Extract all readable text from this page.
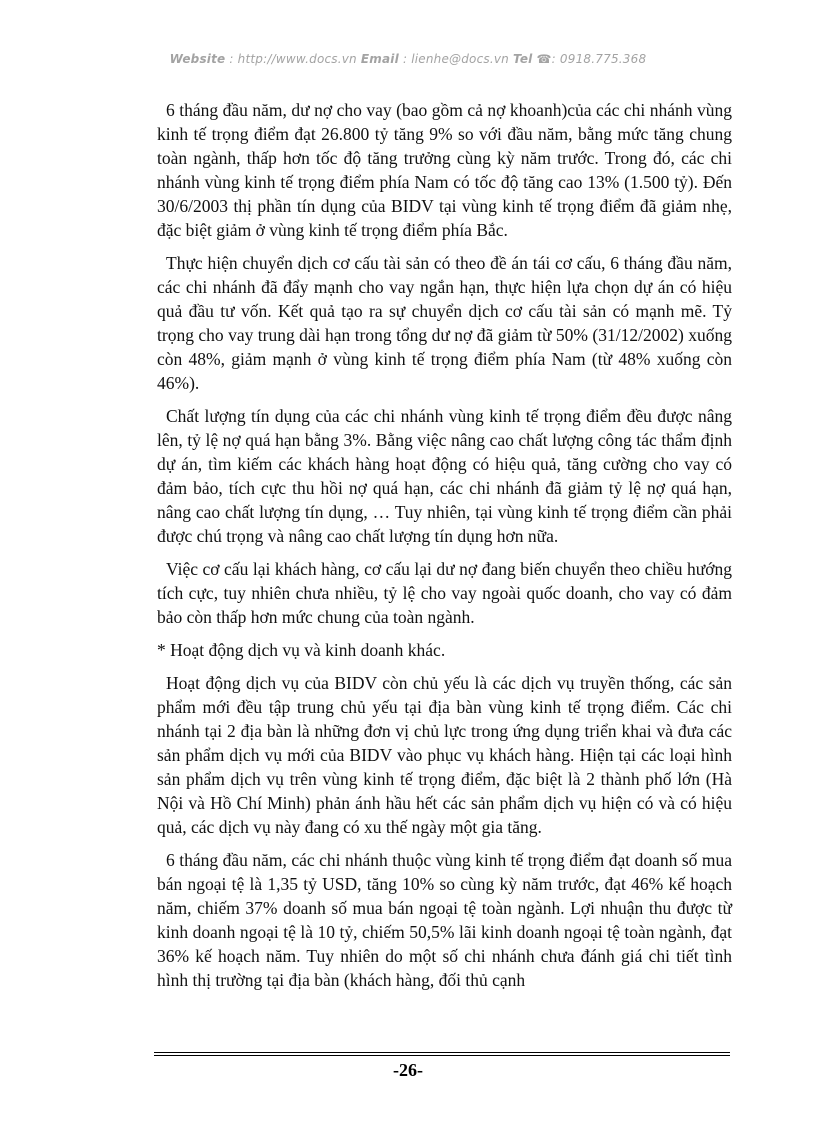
Website : http://www.docs.vn Email : lienhe@docs.vn Tel ☎: 0918.775.368

6 tháng đầu năm, dư nợ cho vay (bao gồm cả nợ khoanh)của các chi nhánh vùng kinh tế trọng điểm đạt 26.800 tỷ tăng 9% so với đầu năm, bằng mức tăng chung toàn ngành, thấp hơn tốc độ tăng trưởng cùng kỳ năm trước. Trong đó, các chi nhánh vùng kinh tế trọng điểm phía Nam có tốc độ tăng cao 13% (1.500 tỷ). Đến 30/6/2003 thị phần tín dụng của BIDV tại vùng kinh tế trọng điểm đã giảm nhẹ, đặc biệt giảm ở vùng kinh tế trọng điểm phía Bắc.

Thực hiện chuyển dịch cơ cấu tài sản có theo đề án tái cơ cấu, 6 tháng đầu năm, các chi nhánh đã đẩy mạnh cho vay ngắn hạn, thực hiện lựa chọn dự án có hiệu quả đầu tư vốn. Kết quả tạo ra sự chuyển dịch cơ cấu tài sản có mạnh mẽ. Tỷ trọng cho vay trung dài hạn trong tổng dư nợ đã giảm từ 50% (31/12/2002) xuống còn 48%, giảm mạnh ở vùng kinh tế trọng điểm phía Nam (từ 48% xuống còn 46%).

Chất lượng tín dụng của các chi nhánh vùng kinh tế trọng điểm đều được nâng lên, tỷ lệ nợ quá hạn bằng 3%. Bằng việc nâng cao chất lượng công tác thẩm định dự án, tìm kiếm các khách hàng hoạt động có hiệu quả, tăng cường cho vay có đảm bảo, tích cực thu hồi nợ quá hạn, các chi nhánh đã giảm tỷ lệ nợ quá hạn, nâng cao chất lượng tín dụng, … Tuy nhiên, tại vùng kinh tế trọng điểm cần phải được chú trọng và nâng cao chất lượng tín dụng hơn nữa.

Việc cơ cấu lại khách hàng, cơ cấu lại dư nợ đang biến chuyển theo chiều hướng tích cực, tuy nhiên chưa nhiều, tỷ lệ cho vay ngoài quốc doanh, cho vay có đảm bảo còn thấp hơn mức chung của toàn ngành.

* Hoạt động dịch vụ và kinh doanh khác.

Hoạt động dịch vụ của BIDV còn chủ yếu là các dịch vụ truyền thống, các sản phẩm mới đều tập trung chủ yếu tại địa bàn vùng kinh tế trọng điểm. Các chi nhánh tại 2 địa bàn là những đơn vị chủ lực trong ứng dụng triển khai và đưa các sản phẩm dịch vụ mới của BIDV vào phục vụ khách hàng. Hiện tại các loại hình sản phẩm dịch vụ trên vùng kinh tế trọng điểm, đặc biệt là 2 thành phố lớn (Hà Nội và Hồ Chí Minh) phản ánh hầu hết các sản phẩm dịch vụ hiện có và có hiệu quả, các dịch vụ này đang có xu thế ngày một gia tăng.

6 tháng đầu năm, các chi nhánh thuộc vùng kinh tế trọng điểm đạt doanh số mua bán ngoại tệ là 1,35 tỷ USD, tăng 10% so cùng kỳ năm trước, đạt 46% kế hoạch năm, chiếm 37% doanh số mua bán ngoại tệ toàn ngành. Lợi nhuận thu được từ kinh doanh ngoại tệ là 10 tỷ, chiếm 50,5% lãi kinh doanh ngoại tệ toàn ngành, đạt 36% kế hoạch năm. Tuy nhiên do một số chi nhánh chưa đánh giá chi tiết tình hình thị trường tại địa bàn (khách hàng, đối thủ cạnh

-26-
